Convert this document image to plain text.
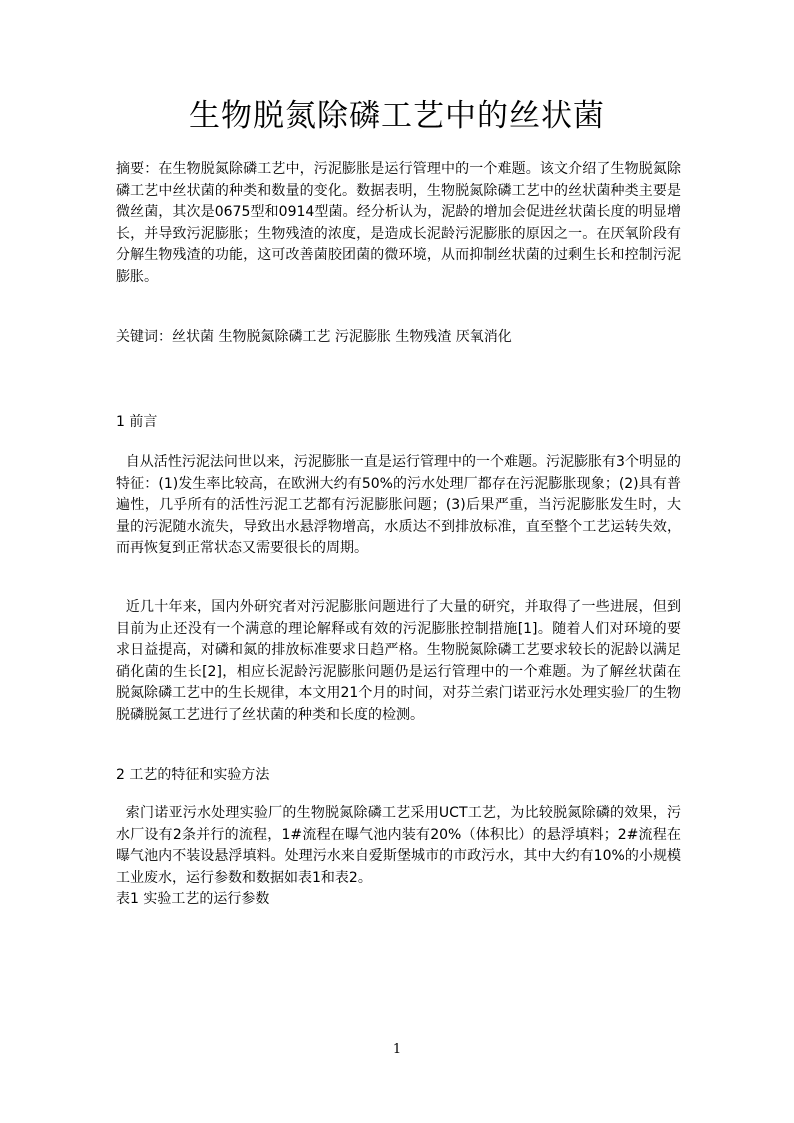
生物脱氮除磷工艺中的丝状菌
摘要：在生物脱氮除磷工艺中，污泥膨胀是运行管理中的一个难题。该文介绍了生物脱氮除磷工艺中丝状菌的种类和数量的变化。数据表明，生物脱氮除磷工艺中的丝状菌种类主要是微丝菌，其次是0675型和0914型菌。经分析认为，泥龄的增加会促进丝状菌长度的明显增长，并导致污泥膨胀；生物残渣的浓度，是造成长泥龄污泥膨胀的原因之一。在厌氧阶段有分解生物残渣的功能，这可改善菌胶团菌的微环境，从而抑制丝状菌的过剩生长和控制污泥膨胀。
关键词：丝状菌 生物脱氮除磷工艺 污泥膨胀 生物残渣 厌氧消化
1 前言
自从活性污泥法问世以来，污泥膨胀一直是运行管理中的一个难题。污泥膨胀有3个明显的特征：(1)发生率比较高，在欧洲大约有50%的污水处理厂都存在污泥膨胀现象；(2)具有普遍性，几乎所有的活性污泥工艺都有污泥膨胀问题；(3)后果严重，当污泥膨胀发生时，大量的污泥随水流失，导致出水悬浮物增高，水质达不到排放标准，直至整个工艺运转失效，而再恢复到正常状态又需要很长的周期。
近几十年来，国内外研究者对污泥膨胀问题进行了大量的研究，并取得了一些进展，但到目前为止还没有一个满意的理论解释或有效的污泥膨胀控制措施[1]。随着人们对环境的要求日益提高，对磷和氮的排放标准要求日趋严格。生物脱氮除磷工艺要求较长的泥龄以满足硝化菌的生长[2]，相应长泥龄污泥膨胀问题仍是运行管理中的一个难题。为了解丝状菌在脱氮除磷工艺中的生长规律，本文用21个月的时间，对芬兰索门诺亚污水处理实验厂的生物脱磷脱氮工艺进行了丝状菌的种类和长度的检测。
2 工艺的特征和实验方法
索门诺亚污水处理实验厂的生物脱氮除磷工艺采用UCT工艺，为比较脱氮除磷的效果，污水厂设有2条并行的流程，1#流程在曝气池内装有20%（体积比）的悬浮填料；2#流程在曝气池内不装设悬浮填料。处理污水来自爱斯堡城市的市政污水，其中大约有10%的小规模工业废水，运行参数和数据如表1和表2。
表1 实验工艺的运行参数
1
